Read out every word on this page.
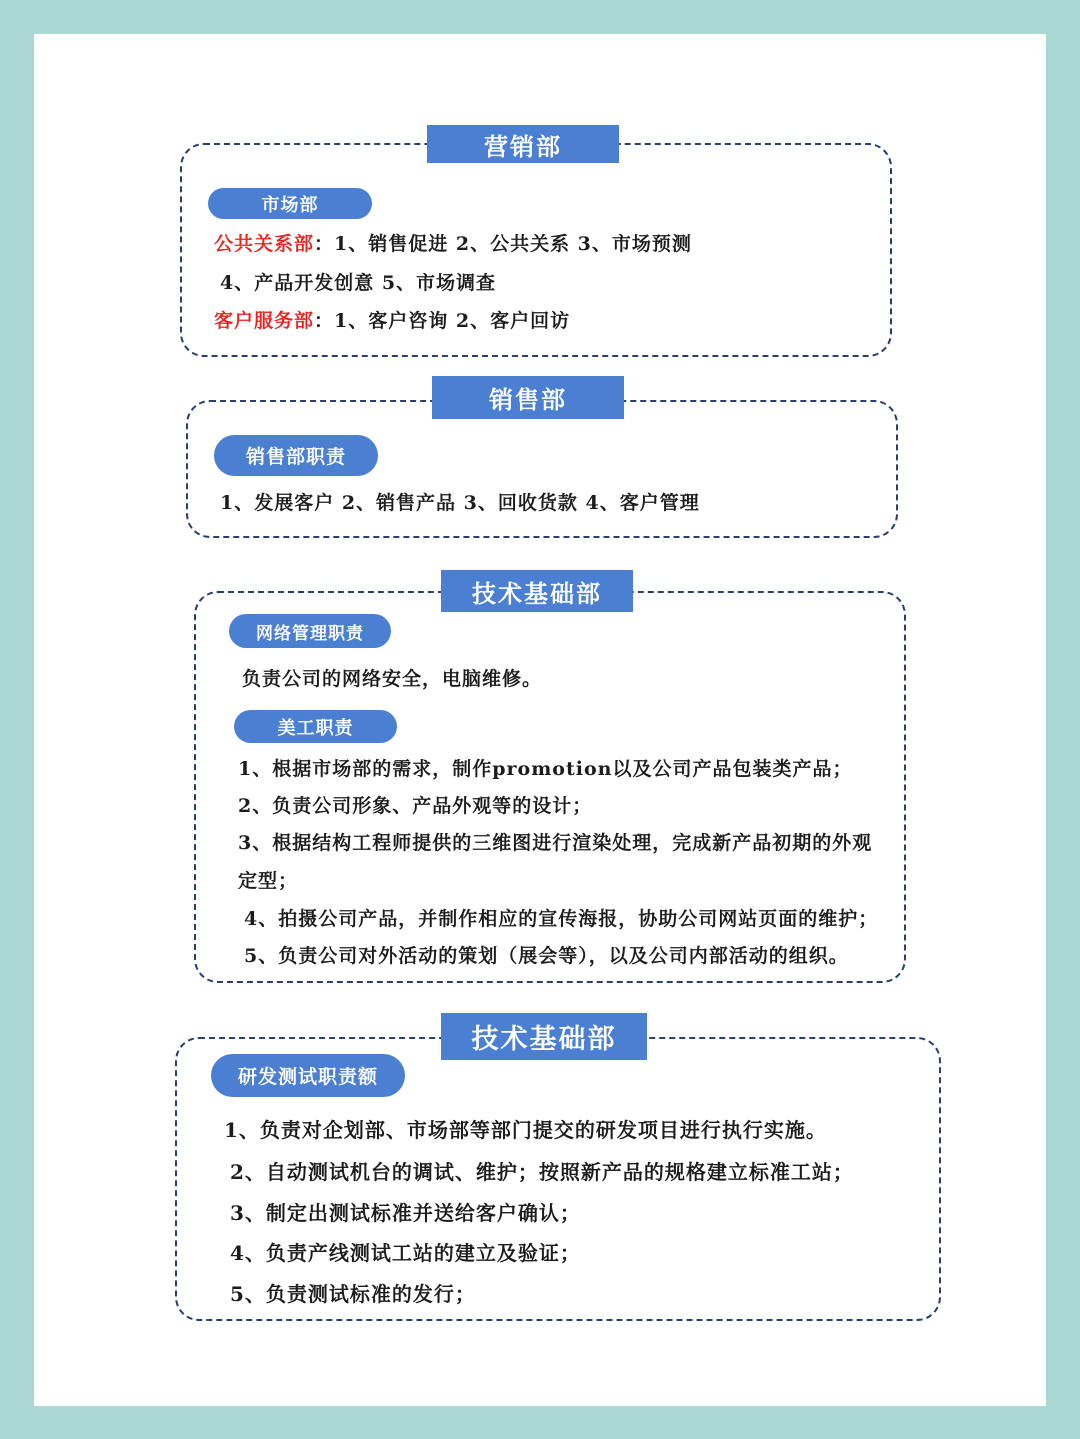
营销部
市场部
公共关系部：1、销售促进 2、公共关系 3、市场预测
4、产品开发创意 5、市场调查
客户服务部：1、客户咨询 2、客户回访
销售部
销售部职责
1、发展客户 2、销售产品 3、回收货款 4、客户管理
技术基础部
网络管理职责
负责公司的网络安全，电脑维修。
美工职责
1、根据市场部的需求，制作promotion以及公司产品包装类产品；
2、负责公司形象、产品外观等的设计；
3、根据结构工程师提供的三维图进行渲染处理，完成新产品初期的外观
定型；
4、拍摄公司产品，并制作相应的宣传海报，协助公司网站页面的维护；
5、负责公司对外活动的策划（展会等），以及公司内部活动的组织。
技术基础部
研发测试职责额
1、负责对企划部、市场部等部门提交的研发项目进行执行实施。
2、自动测试机台的调试、维护；按照新产品的规格建立标准工站；
3、制定出测试标准并送给客户确认；
4、负责产线测试工站的建立及验证；
5、负责测试标准的发行；
